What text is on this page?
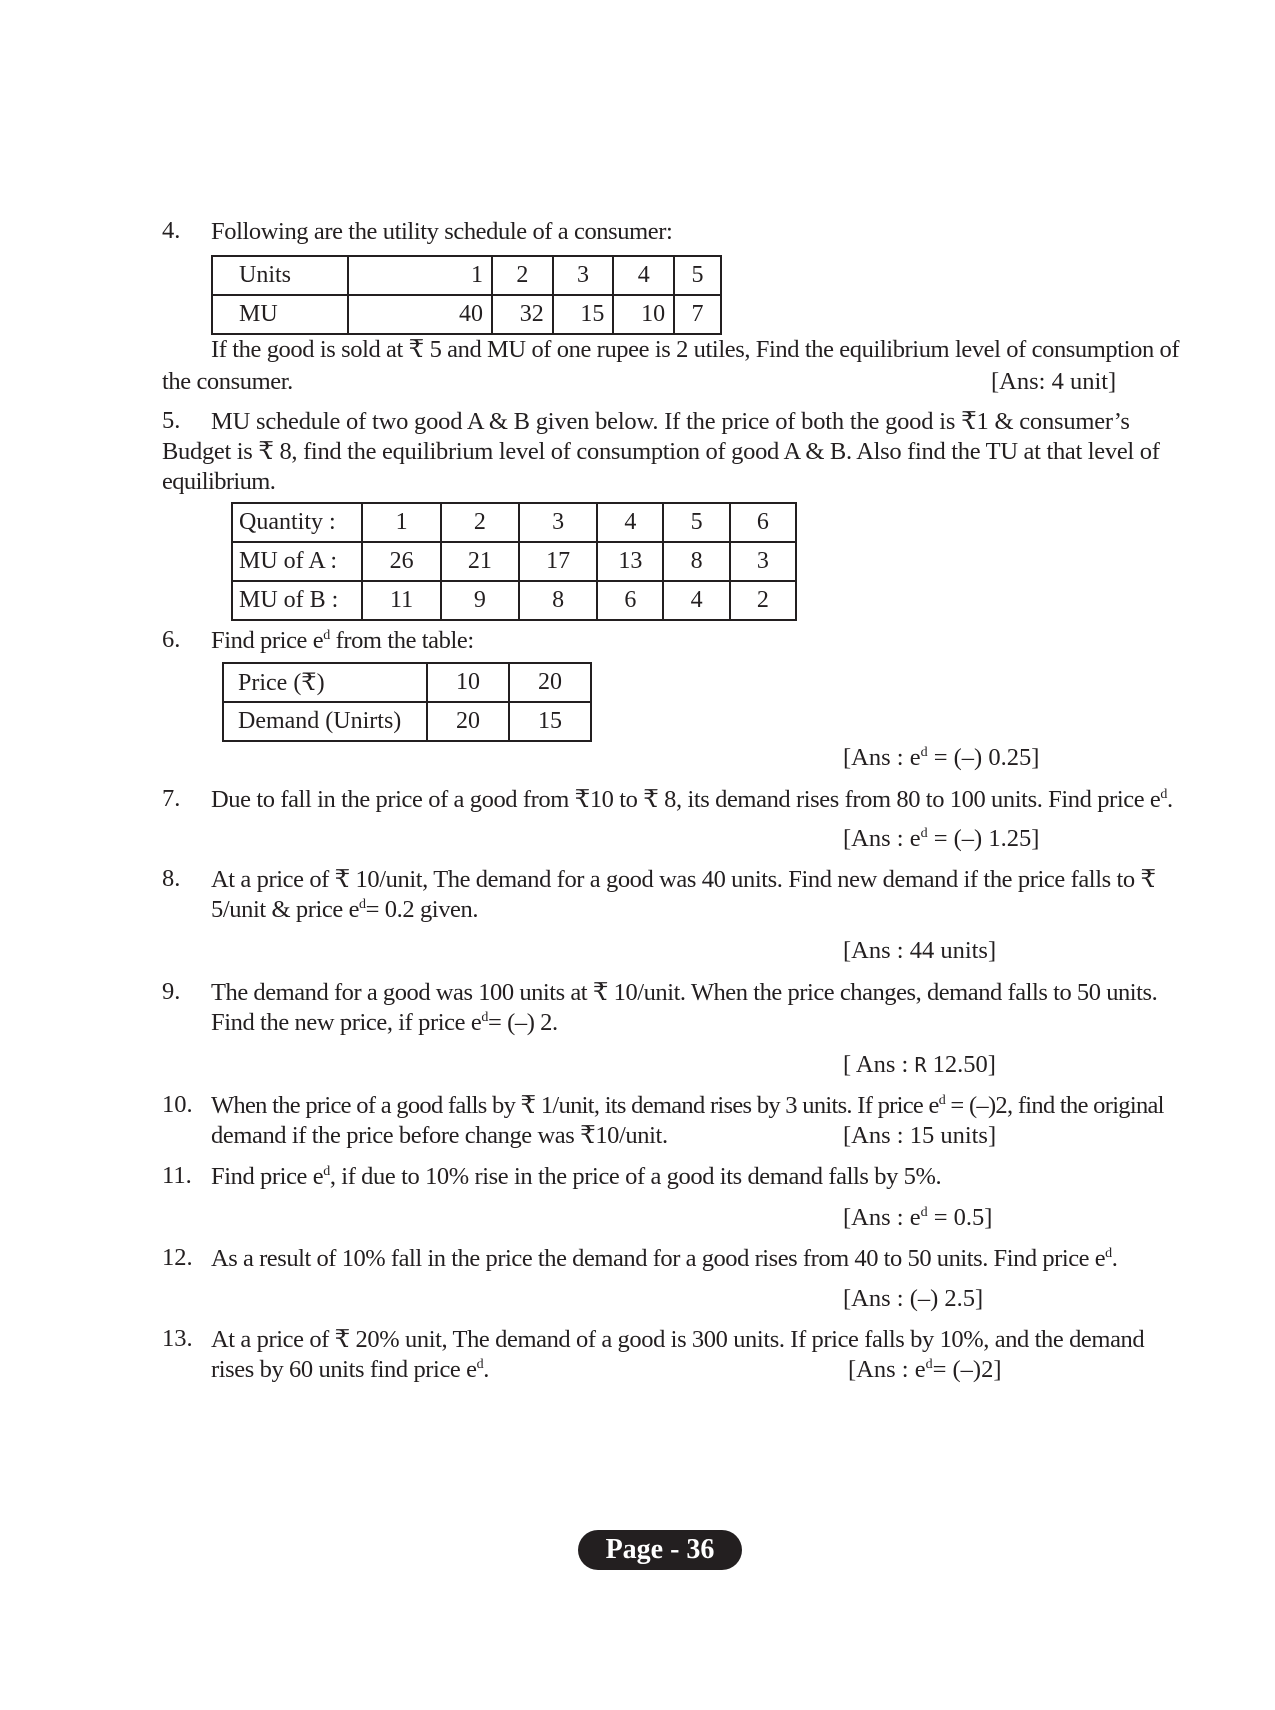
4. Following are the utility schedule of a consumer:
Units	1	2	3	4	5
MU	40	32	15	10	7
If the good is sold at ₹ 5 and MU of one rupee is 2 utiles, Find the equilibrium level of consumption of
the consumer.	[Ans: 4 unit]
5. MU schedule of two good A & B given below. If the price of both the good is ₹1 & consumer’s
Budget is ₹ 8, find the equilibrium level of consumption of good A & B. Also find the TU at that level of
equilibrium.
Quantity :	1	2	3	4	5	6
MU of A :	26	21	17	13	8	3
MU of B :	11	9	8	6	4	2
6. Find price $e^d$ from the table:
Price (₹)	10	20
Demand (Unirts)	20	15
[Ans : $e^d$ = (–) 0.25]
7. Due to fall in the price of a good from ₹10 to ₹ 8, its demand rises from 80 to 100 units. Find price $e^d$.
[Ans : $e^d$ = (–) 1.25]
8. At a price of ₹ 10/unit, The demand for a good was 40 units. Find new demand if the price falls to ₹
5/unit & price $e^d= 0.2$ given.
[Ans : 44 units]
9. The demand for a good was 100 units at ₹ 10/unit. When the price changes, demand falls to 50 units.
Find the new price, if price $e^d=$ (–) 2.
[ Ans : R 12.50]
10. When the price of a good falls by ₹ 1/unit, its demand rises by 3 units. If price $e^d = (-)2$, find the original
demand if the price before change was ₹10/unit.	[Ans : 15 units]
11. Find price $e^d$, if due to 10% rise in the price of a good its demand falls by 5%.
[Ans : $e^d = 0.5$]
12. As a result of 10% fall in the price the demand for a good rises from 40 to 50 units. Find price $e^d$.
[Ans : (–) 2.5]
13. At a price of ₹ 20% unit, The demand of a good is 300 units. If price falls by 10%, and the demand
rises by 60 units find price $e^d$.	[Ans : $e^d= (-)2$]
Page - 36
